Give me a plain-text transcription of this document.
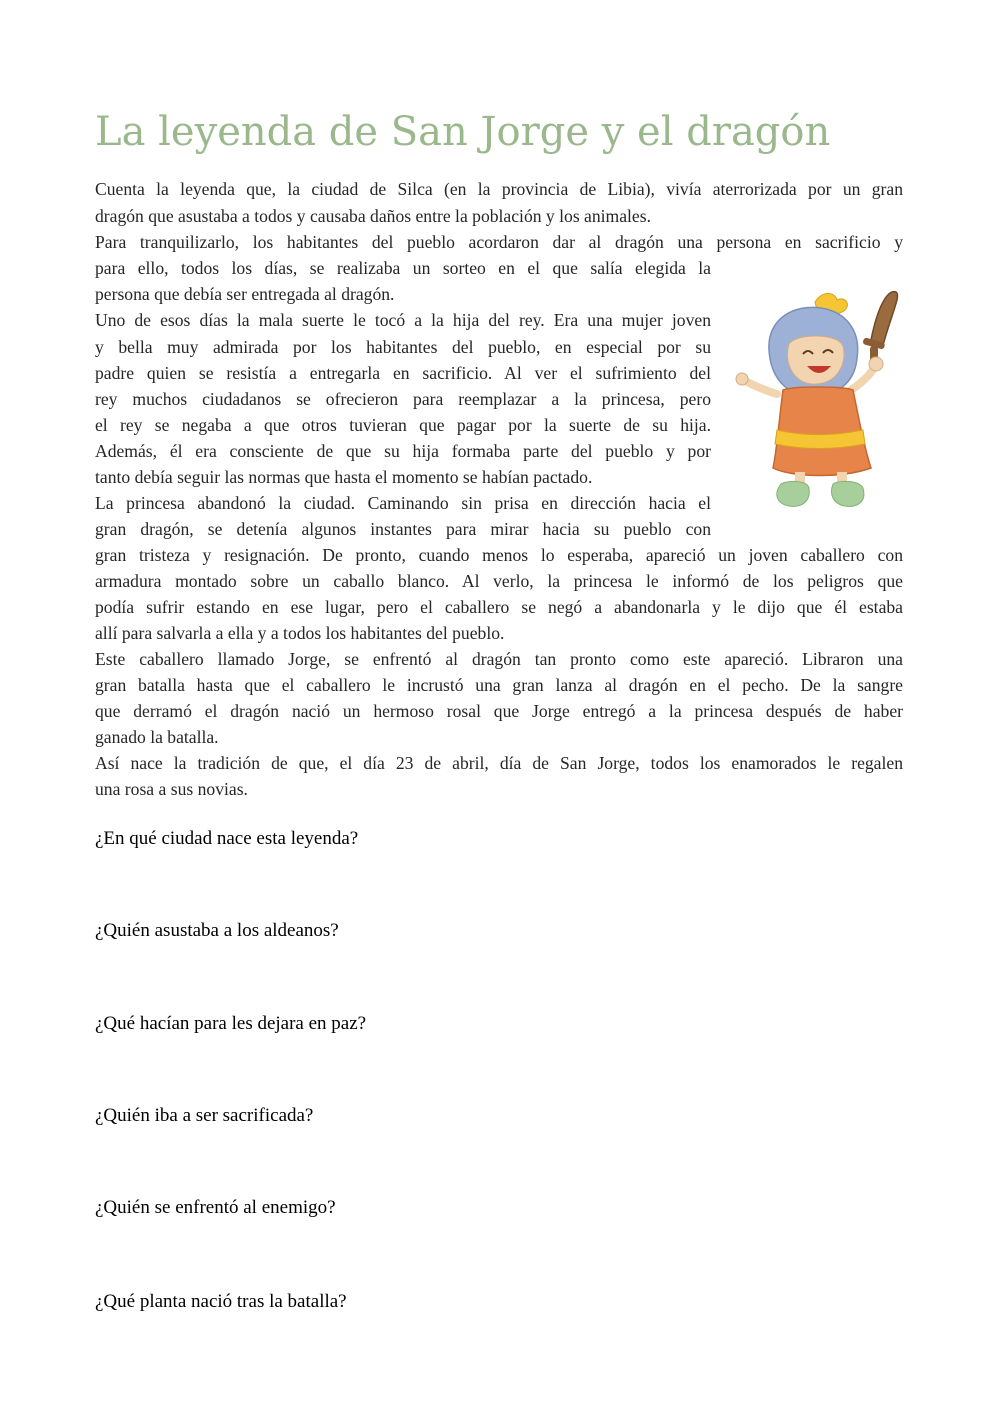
La leyenda de San Jorge y el dragón

Cuenta la leyenda que, la ciudad de Silca (en la provincia de Libia), vivía aterrorizada por un gran

dragón que asustaba a todos y causaba daños entre la población y los animales.

Para tranquilizarlo, los habitantes del pueblo acordaron dar al dragón una persona en sacrificio y

para ello, todos los días, se realizaba un sorteo en el que salía elegida la

persona que debía ser entregada al dragón.

Uno de esos días la mala suerte le tocó a la hija del rey. Era una mujer joven

y bella muy admirada por los habitantes del pueblo, en especial por su

padre quien se resistía a entregarla en sacrificio. Al ver el sufrimiento del

rey muchos ciudadanos se ofrecieron para reemplazar a la princesa, pero

el rey se negaba a que otros tuvieran que pagar por la suerte de su hija.

Además, él era consciente de que su hija formaba parte del pueblo y por

tanto debía seguir las normas que hasta el momento se habían pactado.

La princesa abandonó la ciudad. Caminando sin prisa en dirección hacia el

gran dragón, se detenía algunos instantes para mirar hacia su pueblo con

gran tristeza y resignación. De pronto, cuando menos lo esperaba, apareció un joven caballero con

armadura montado sobre un caballo blanco. Al verlo, la princesa le informó de los peligros que

podía sufrir estando en ese lugar, pero el caballero se negó a abandonarla y le dijo que él estaba

allí para salvarla a ella y a todos los habitantes del pueblo.

Este caballero llamado Jorge, se enfrentó al dragón tan pronto como este apareció. Libraron una

gran batalla hasta que el caballero le incrustó una gran lanza al dragón en el pecho. De la sangre

que derramó el dragón nació un hermoso rosal que Jorge entregó a la princesa después de haber

ganado la batalla.

Así nace la tradición de que, el día 23 de abril, día de San Jorge, todos los enamorados le regalen

una rosa a sus novias.

¿En qué ciudad nace esta leyenda?

¿Quién asustaba a los aldeanos?

¿Qué hacían para les dejara en paz?

¿Quién iba a ser sacrificada?

¿Quién se enfrentó al enemigo?

¿Qué planta nació tras la batalla?
